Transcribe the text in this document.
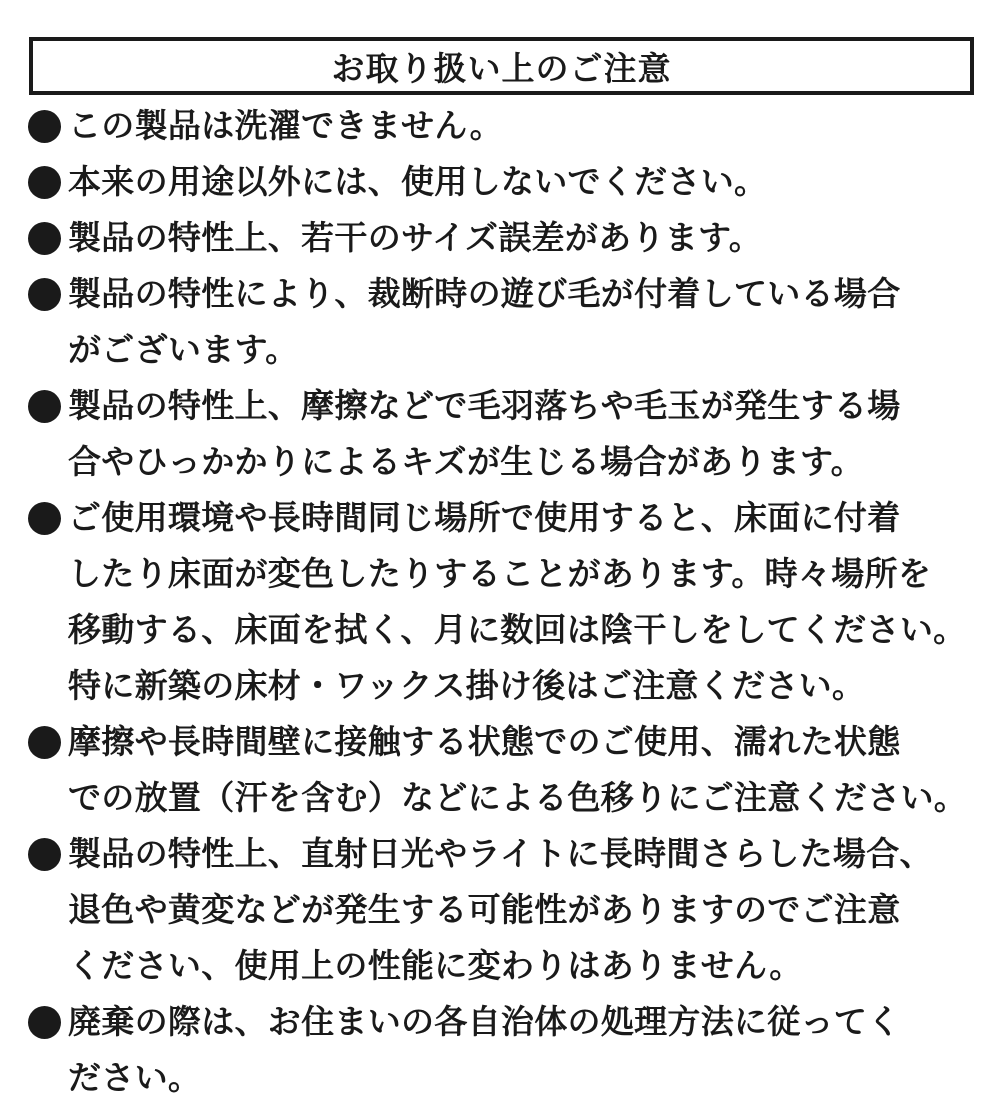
お取り扱い上のご注意
この製品は洗濯できません。
本来の用途以外には、使用しないでください。
製品の特性上、若干のサイズ誤差があります。
製品の特性により、裁断時の遊び毛が付着している場合
がございます。
製品の特性上、摩擦などで毛羽落ちや毛玉が発生する場
合やひっかかりによるキズが生じる場合があります。
ご使用環境や長時間同じ場所で使用すると、床面に付着
したり床面が変色したりすることがあります。時々場所を
移動する、床面を拭く、月に数回は陰干しをしてください。
特に新築の床材・ワックス掛け後はご注意ください。
摩擦や長時間壁に接触する状態でのご使用、濡れた状態
での放置（汗を含む）などによる色移りにご注意ください。
製品の特性上、直射日光やライトに長時間さらした場合、
退色や黄変などが発生する可能性がありますのでご注意
ください、使用上の性能に変わりはありません。
廃棄の際は、お住まいの各自治体の処理方法に従ってく
ださい。
